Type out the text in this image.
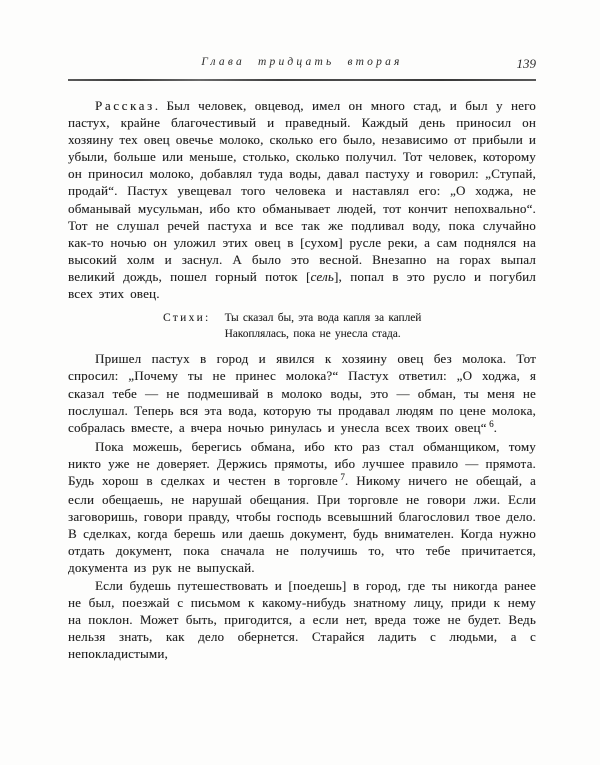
Глава тридцать вторая	139

Рассказ. Был человек, овцевод, имел он много стад, и был у него пастух, крайне благочестивый и праведный. Каждый день приносил он хозяину тех овец овечье молоко, сколько его было, независимо от прибыли и убыли, больше или меньше, столько, сколько получил. Тот человек, которому он приносил молоко, добавлял туда воды, давал пастуху и говорил: „Ступай, продай“. Пастух увещевал того человека и наставлял его: „О ходжа, не обманывай мусульман, ибо кто обманывает людей, тот кончит непохвально“. Тот не слушал речей пастуха и все так же подливал воду, пока случайно как-то ночью он уложил этих овец в [сухом] русле реки, а сам поднялся на высокий холм и заснул. А было это весной. Внезапно на горах выпал великий дождь, пошел горный поток [сель], попал в это русло и погубил всех этих овец.

Стихи: Ты сказал бы, эта вода капля за каплей
Накоплялась, пока не унесла стада.

Пришел пастух в город и явился к хозяину овец без молока. Тот спросил: „Почему ты не принес молока?“ Пастух ответил: „О ходжа, я сказал тебе — не подмешивай в молоко воды, это — обман, ты меня не послушал. Теперь вся эта вода, которую ты продавал людям по цене молока, собралась вместе, а вчера ночью ринулась и унесла всех твоих овец“ $^6$.

Пока можешь, берегись обмана, ибо кто раз стал обманщиком, тому никто уже не доверяет. Держись прямоты, ибо лучшее правило — прямота. Будь хорош в сделках и честен в торговле $^7$. Никому ничего не обещай, а если обещаешь, не нарушай обещания. При торговле не говори лжи. Если заговоришь, говори правду, чтобы господь всевышний благословил твое дело. В сделках, когда берешь или даешь документ, будь внимателен. Когда нужно отдать документ, пока сначала не получишь то, что тебе причитается, документа из рук не выпускай.

Если будешь путешествовать и [поедешь] в город, где ты никогда ранее не был, поезжай с письмом к какому-нибудь знатному лицу, приди к нему на поклон. Может быть, пригодится, а если нет, вреда тоже не будет. Ведь нельзя знать, как дело обернется. Старайся ладить с людьми, а с непокладистыми,
